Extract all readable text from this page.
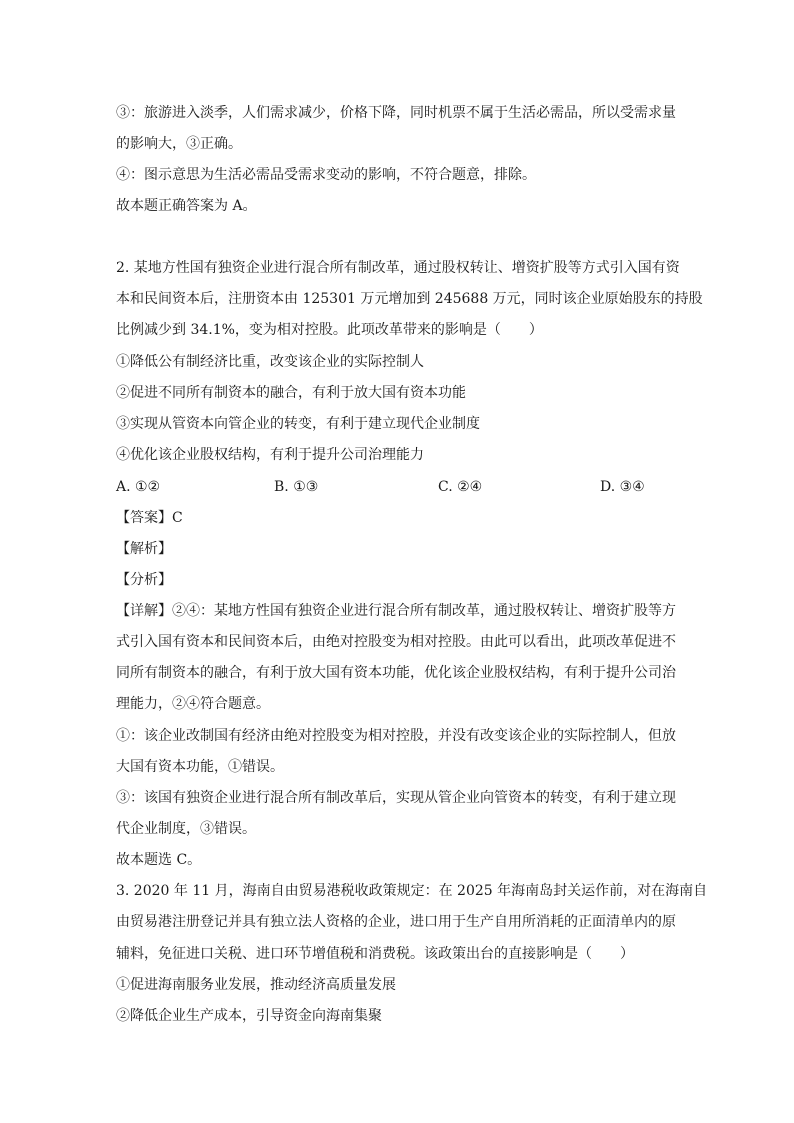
③：旅游进入淡季，人们需求减少，价格下降，同时机票不属于生活必需品，所以受需求量
的影响大，③正确。
④：图示意思为生活必需品受需求变动的影响，不符合题意，排除。
故本题正确答案为 A。
2. 某地方性国有独资企业进行混合所有制改革，通过股权转让、增资扩股等方式引入国有资
本和民间资本后，注册资本由 125301 万元增加到 245688 万元，同时该企业原始股东的持股
比例减少到 34.1%，变为相对控股。此项改革带来的影响是（　　）
①降低公有制经济比重，改变该企业的实际控制人
②促进不同所有制资本的融合，有利于放大国有资本功能
③实现从管资本向管企业的转变，有利于建立现代企业制度
④优化该企业股权结构，有利于提升公司治理能力
A. ①②	B. ①③	C. ②④	D. ③④
【答案】C
【解析】
【分析】
【详解】②④：某地方性国有独资企业进行混合所有制改革，通过股权转让、增资扩股等方
式引入国有资本和民间资本后，由绝对控股变为相对控股。由此可以看出，此项改革促进不
同所有制资本的融合，有利于放大国有资本功能，优化该企业股权结构，有利于提升公司治
理能力，②④符合题意。
①：该企业改制国有经济由绝对控股变为相对控股，并没有改变该企业的实际控制人，但放
大国有资本功能，①错误。
③：该国有独资企业进行混合所有制改革后，实现从管企业向管资本的转变，有利于建立现
代企业制度，③错误。
故本题选 C。
3. 2020 年 11 月，海南自由贸易港税收政策规定：在 2025 年海南岛封关运作前，对在海南自
由贸易港注册登记并具有独立法人资格的企业，进口用于生产自用所消耗的正面清单内的原
辅料，免征进口关税、进口环节增值税和消费税。该政策出台的直接影响是（　　）
①促进海南服务业发展，推动经济高质量发展
②降低企业生产成本，引导资金向海南集聚
